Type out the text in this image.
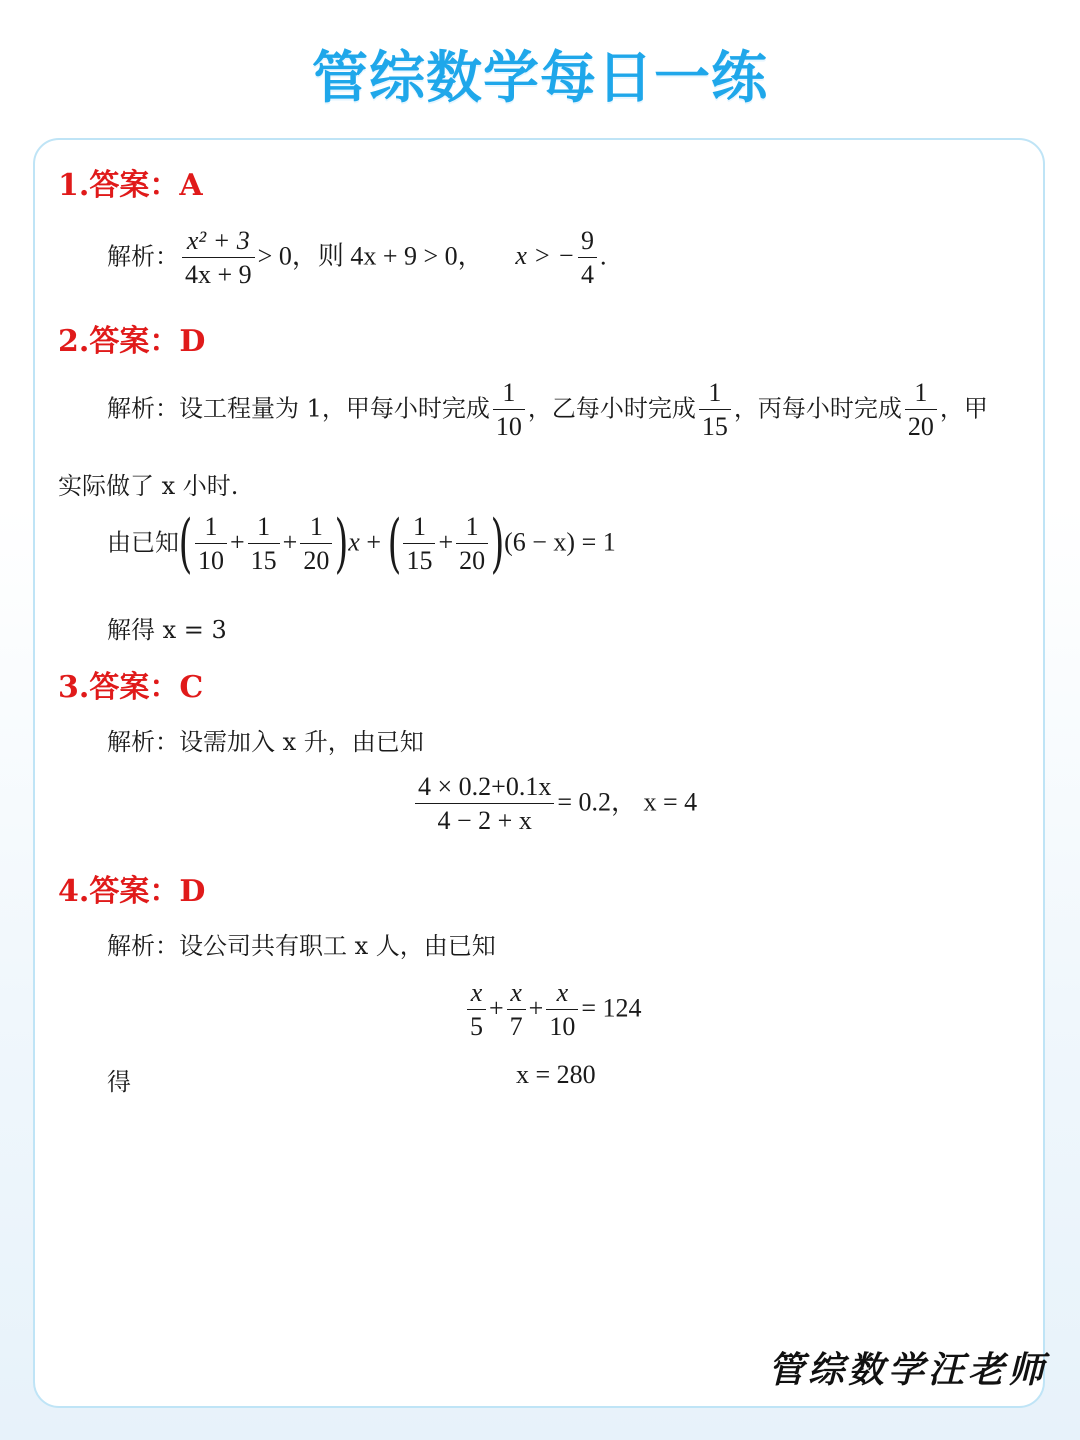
管综数学每日一练
1.答案：A
解析： $\frac{\text{x² + 3}}{4x + 9} > 0$，则 4x + 9 > 0， x > − $\frac{9}{4}$ .
2.答案：D
解析：设工程量为 1，甲每小时完成 $\frac{1}{10}$ ，乙每小时完成 $\frac{1}{15}$ ，丙每小时完成 $\frac{1}{20}$ ，甲
实际做了 x 小时.
由已知( $\frac{1}{10} + \frac{1}{15} + \frac{1}{20} )x$ + ( $\frac{1}{15} + \frac{1}{20} )(6 - x) = 1$
解得 x = 3
3.答案：C
解析：设需加入 x 升，由已知
$\frac{4 \times 0.2+0.1x}{4 - 2 + x} = 0.2$， x = 4
4.答案：D
解析：设公司共有职工 x 人，由已知
$\frac{x}{5} + \frac{x}{7} + \frac{x}{10} = 124$
得	x = 280
管综数学汪老师
